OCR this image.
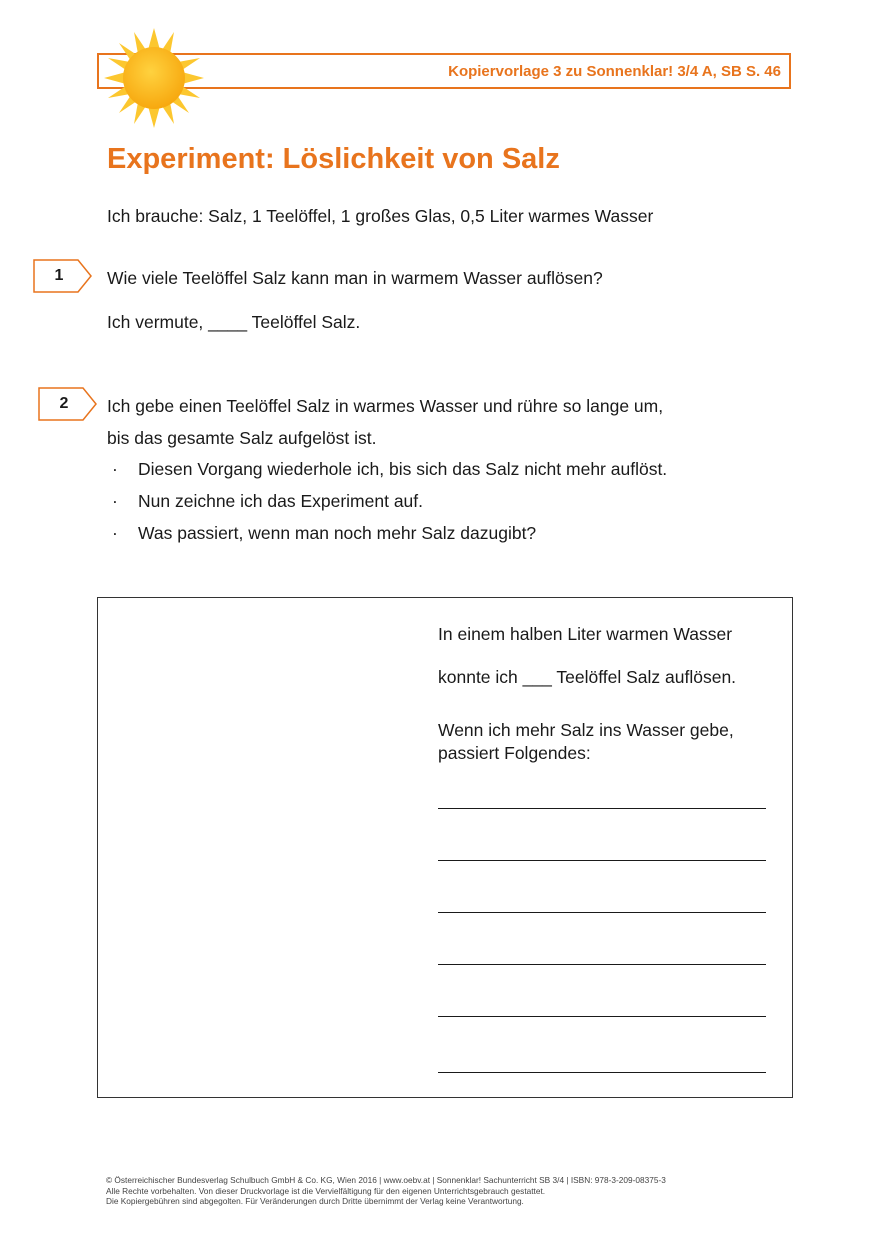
Kopiervorlage 3 zu Sonnenklar! 3/4 A, SB S. 46
Experiment: Löslichkeit von Salz
Ich brauche: Salz, 1 Teelöffel, 1 großes Glas, 0,5 Liter warmes Wasser
1	Wie viele Teelöffel Salz kann man in warmem Wasser auflösen?
Ich vermute, ____ Teelöffel Salz.
2	Ich gebe einen Teelöffel Salz in warmes Wasser und rühre so lange um,
bis das gesamte Salz aufgelöst ist.
· Diesen Vorgang wiederhole ich, bis sich das Salz nicht mehr auflöst.
· Nun zeichne ich das Experiment auf.
· Was passiert, wenn man noch mehr Salz dazugibt?
In einem halben Liter warmen Wasser
konnte ich ___ Teelöffel Salz auflösen.
Wenn ich mehr Salz ins Wasser gebe,
passiert Folgendes:
© Österreichischer Bundesverlag Schulbuch GmbH & Co. KG, Wien 2016 | www.oebv.at | Sonnenklar! Sachunterricht SB 3/4 | ISBN: 978-3-209-08375-3
Alle Rechte vorbehalten. Von dieser Druckvorlage ist die Vervielfältigung für den eigenen Unterrichtsgebrauch gestattet.
Die Kopiergebühren sind abgegolten. Für Veränderungen durch Dritte übernimmt der Verlag keine Verantwortung.
